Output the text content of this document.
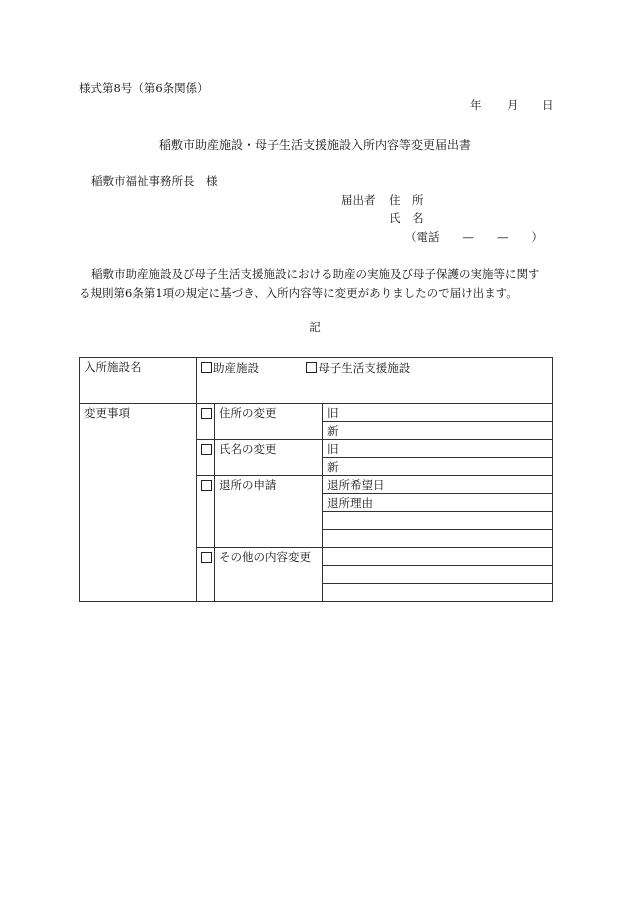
様式第8号（第6条関係）
年 月 日
稲敷市助産施設・母子生活支援施設入所内容等変更届出書
稲敷市福祉事務所長　様
届出者 住　所
氏　名
（電話　　—　　—　　）
稲敷市助産施設及び母子生活支援施設における助産の実施及び母子保護の実施等に関す
る規則第6条第1項の規定に基づき、入所内容等に変更がありましたので届け出ます。
記
入所施設名	助産施設 母子生活支援施設		

変更事項		住所の変更	旧

			新

		氏名の変更	旧

			新

		退所の申請	退所希望日

			退所理由

		その他の内容変更	
